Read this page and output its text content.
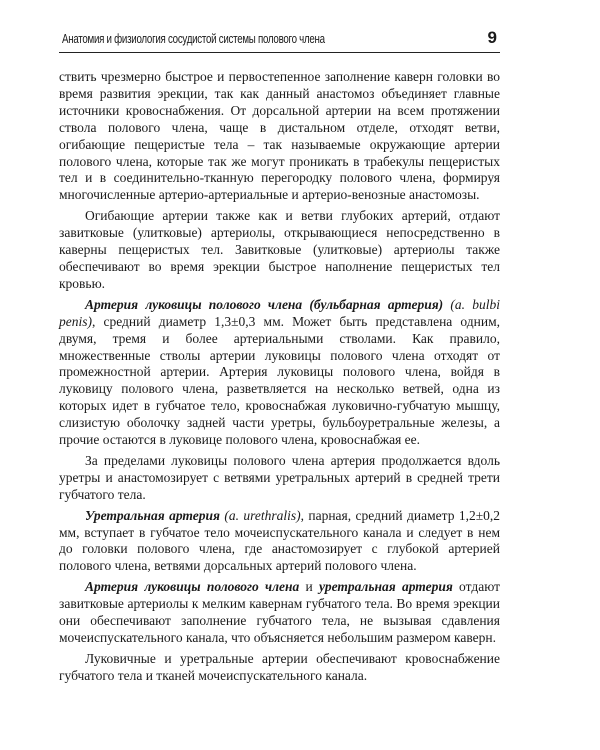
Анатомия и физиология сосудистой системы полового члена	9

ствить чрезмерно быстрое и первостепенное заполнение каверн головки во время развития эрекции, так как данный анастомоз объединяет главные источники кровоснабжения. От дорсальной артерии на всем протяжении ствола полового члена, чаще в дистальном отделе, отходят ветви, огибающие пещеристые тела – так называемые окружающие артерии полового члена, которые так же могут проникать в трабекулы пещеристых тел и в соединительно-тканную перегородку полового члена, формируя многочисленные артерио-артериальные и артерио-венозные анастомозы.

Огибающие артерии также как и ветви глубоких артерий, отдают завитковые (улитковые) артериолы, открывающиеся непосредственно в каверны пещеристых тел. Завитковые (улитковые) артериолы также обеспечивают во время эрекции быстрое наполнение пещеристых тел кровью.

Артерия луковицы полового члена (бульбарная артерия) (a. bulbi penis), средний диаметр 1,3±0,3 мм. Может быть представлена одним, двумя, тремя и более артериальными стволами. Как правило, множественные стволы артерии луковицы полового члена отходят от промежностной артерии. Артерия луковицы полового члена, войдя в луковицу полового члена, разветвляется на несколько ветвей, одна из которых идет в губчатое тело, кровоснабжая луковично-губчатую мышцу, слизистую оболочку задней части уретры, бульбоуретральные железы, а прочие остаются в луковице полового члена, кровоснабжая ее.

За пределами луковицы полового члена артерия продолжается вдоль уретры и анастомозирует с ветвями уретральных артерий в средней трети губчатого тела.

Уретральная артерия (a. urethralis), парная, средний диаметр 1,2±0,2 мм, вступает в губчатое тело мочеиспускательного канала и следует в нем до головки полового члена, где анастомозирует с глубокой артерией полового члена, ветвями дорсальных артерий полового члена.

Артерия луковицы полового члена и уретральная артерия отдают завитковые артериолы к мелким кавернам губчатого тела. Во время эрекции они обеспечивают заполнение губчатого тела, не вызывая сдавления мочеиспускательного канала, что объясняется небольшим размером каверн.

Луковичные и уретральные артерии обеспечивают кровоснабжение губчатого тела и тканей мочеиспускательного канала.
